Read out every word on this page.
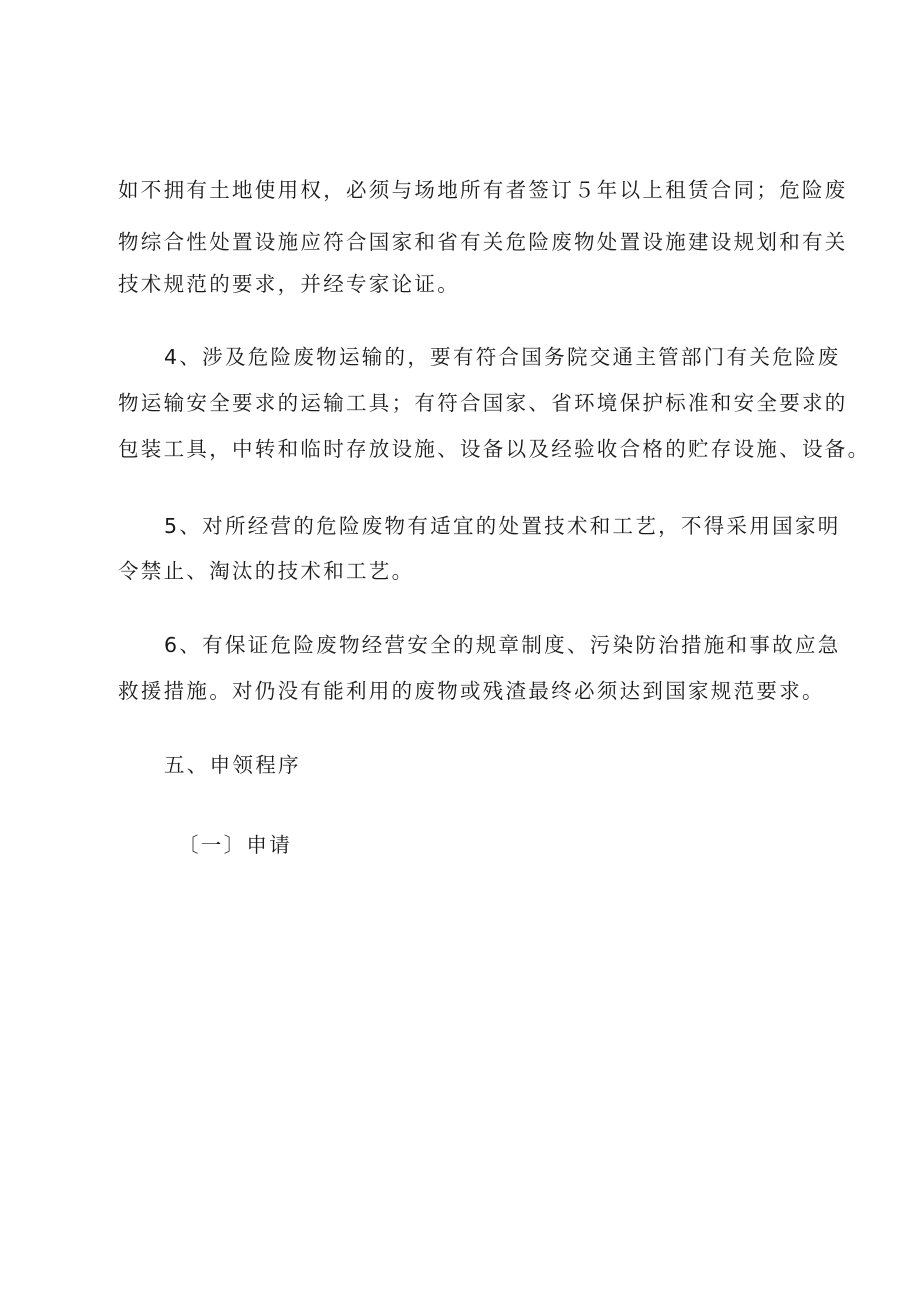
如不拥有土地使用权，必须与场地所有者签订５年以上租赁合同；危险废
物综合性处置设施应符合国家和省有关危险废物处置设施建设规划和有关
技术规范的要求，并经专家论证。
4、涉及危险废物运输的，要有符合国务院交通主管部门有关危险废
物运输安全要求的运输工具；有符合国家、省环境保护标准和安全要求的
包装工具，中转和临时存放设施、设备以及经验收合格的贮存设施、设备。
5、对所经营的危险废物有适宜的处置技术和工艺，不得采用国家明
令禁止、淘汰的技术和工艺。
6、有保证危险废物经营安全的规章制度、污染防治措施和事故应急
救援措施。对仍没有能利用的废物或残渣最终必须达到国家规范要求。
五、申领程序
〔一〕申请
